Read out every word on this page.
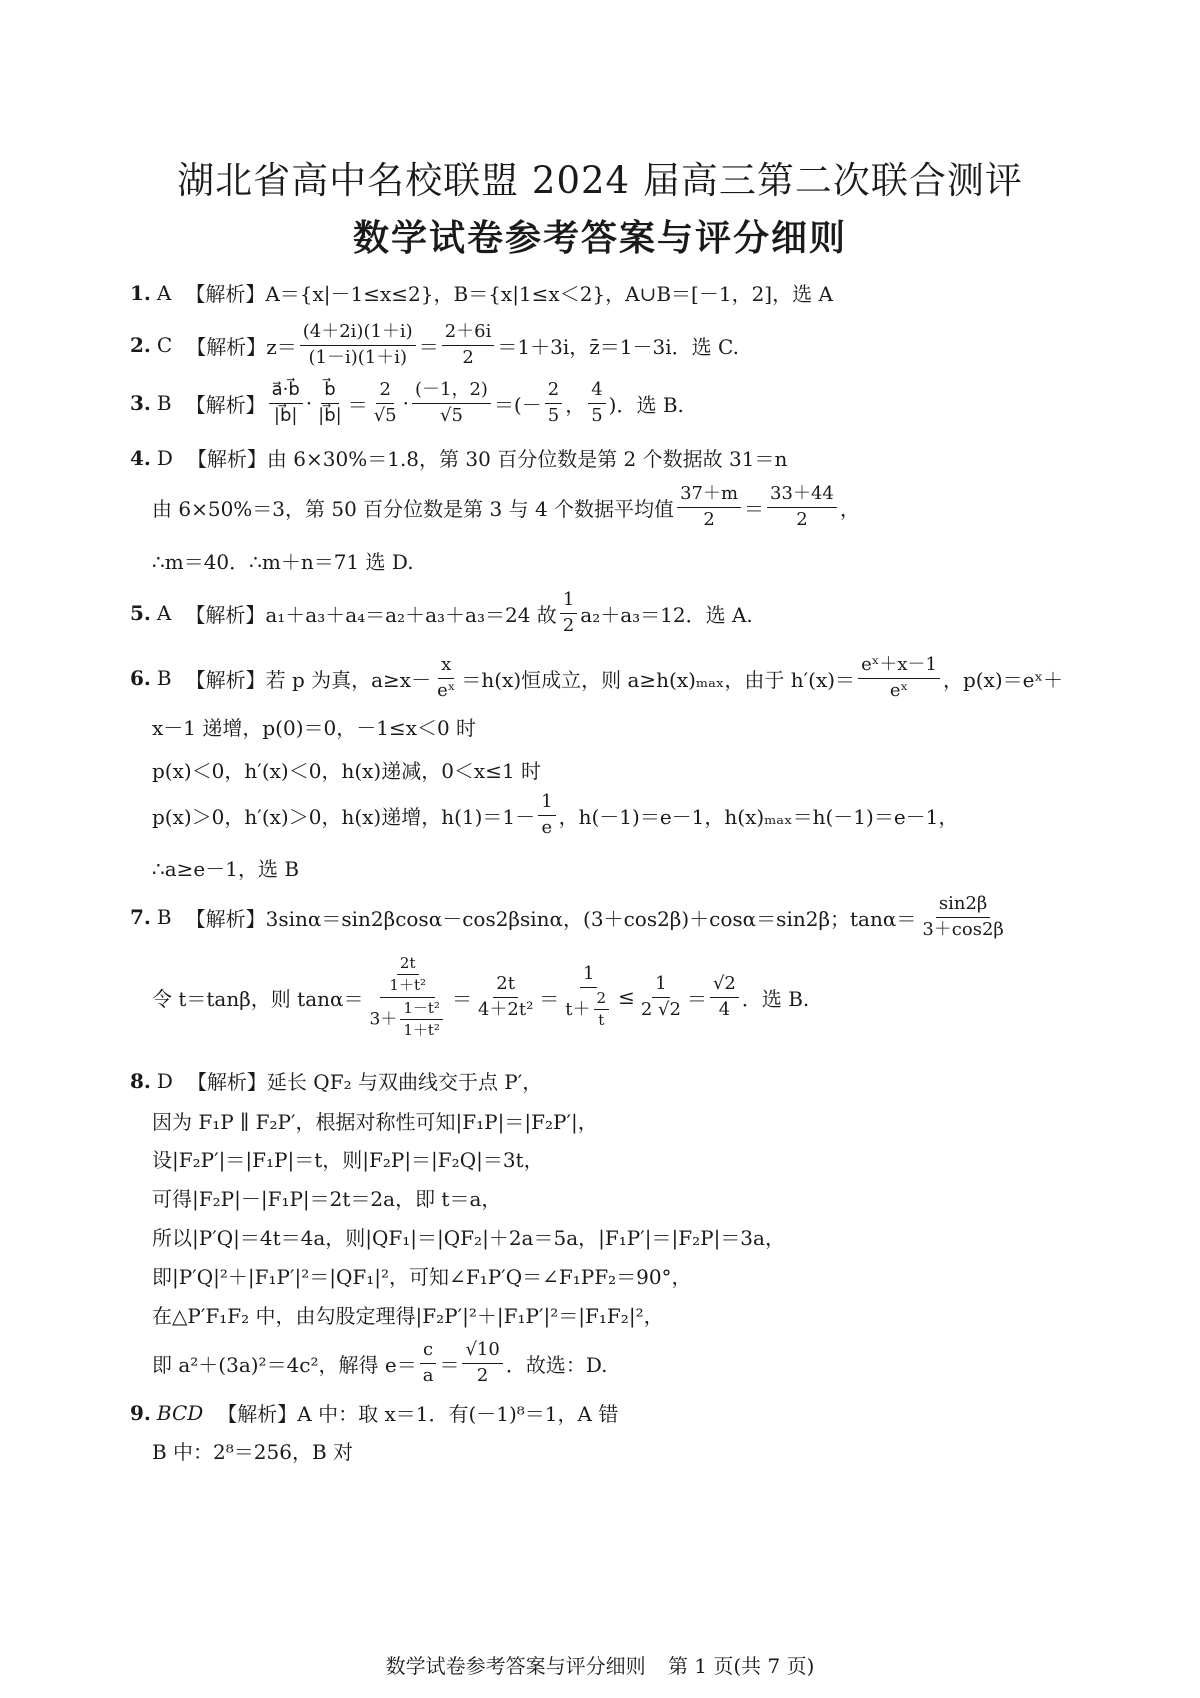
湖北省高中名校联盟 2024 届高三第二次联合测评
数学试卷参考答案与评分细则
1. A 【解析】A＝{x|－1≤x≤2}，B＝{x|1≤x＜2}，A∪B＝[－1，2]，选 A
2. C 【解析】$z= \frac{(4+2i)(1+i)}{(1-i)(1+i)} = \frac{2+6i}{2} =1+3i$，z̄＝1－3i．选 C.
3. B 【解析】 $\frac{a⃗\cdot b⃗}{|b⃗|} \cdot \frac{b⃗}{|b⃗|} = \frac{2}{√5} \cdot \frac{(-1,2)}{√5}$ ＝(－ $\frac{2}{5}$ ， $\frac{4}{5}$ )．选 B.
4. D 【解析】由 6×30%＝1.8，第 30 百分位数是第 2 个数据故 31＝n
由 6×50%＝3，第 50 百分位数是第 3 与 4 个数据平均值 $\frac{37+m}{2} = \frac{33+44}{2}$ ，
∴m＝40．∴m＋n＝71 选 D.
5. A 【解析】a₁＋a₃＋a₄＝a₂＋a₃＋a₃＝24 故 $\frac{1}{2} a_2+a_3=12$．选 A.
6. B 【解析】若 p 为真，$a\ge x- \frac{x}{\text{eˣ}} =h(x)$恒成立，则 a≥h(x)ₘₐₓ，由于 $h'(x)= \frac{\text{eˣ＋x－1}}{\text{eˣ}}$ ，p(x)＝eˣ＋
x－1 递增，p(0)＝0，－1≤x＜0 时
p(x)＜0，h′(x)＜0，h(x)递减，0＜x≤1 时
p(x)＞0，h′(x)＞0，h(x)递增，$h(1)=1- \frac{1}{e}$ ，h(－1)＝e－1，h(x)ₘₐₓ＝h(－1)＝e－1，
∴a≥e－1，选 B
7. B 【解析】3sinα＝sin2βcosα－cos2βsinα，(3＋cos2β)＋cosα＝sin2β；$\tan\alpha= \frac{\sin 2\beta}{3+\cos 2\beta}$
令 t＝tanβ，则 $\tan\alpha= \frac{\frac{2t}{\text{1＋t²}}}{3+ \frac{\text{1－t²}}{\text{1＋t²}}} = \frac{2t}{\text{4＋2t²}} = \frac{1}{t+ \frac{2}{t}} \le \frac{1}{2 √2} = \frac{√2}{4}$ ．选 B.
8. D 【解析】延长 QF₂ 与双曲线交于点 P′，
因为 F₁P ∥ F₂P′，根据对称性可知|F₁P|＝|F₂P′|，
设|F₂P′|＝|F₁P|＝t，则|F₂P|＝|F₂Q|＝3t，
可得|F₂P|－|F₁P|＝2t＝2a，即 t＝a，
所以|P′Q|＝4t＝4a，则|QF₁|＝|QF₂|＋2a＝5a，|F₁P′|＝|F₂P|＝3a，
即|P′Q|²＋|F₁P′|²＝|QF₁|²，可知∠F₁P′Q＝∠F₁PF₂＝90°，
在△P′F₁F₂ 中，由勾股定理得|F₂P′|²＋|F₁P′|²＝|F₁F₂|²，
即 a²＋(3a)²＝4c²，解得 $e= \frac{c}{a} = \frac{√10}{2}$ ．故选：D.
9. BCD 【解析】A 中：取 x＝1．有(－1)⁸＝1，A 错
B 中：2⁸＝256，B 对
数学试卷参考答案与评分细则 第 1 页(共 7 页)
